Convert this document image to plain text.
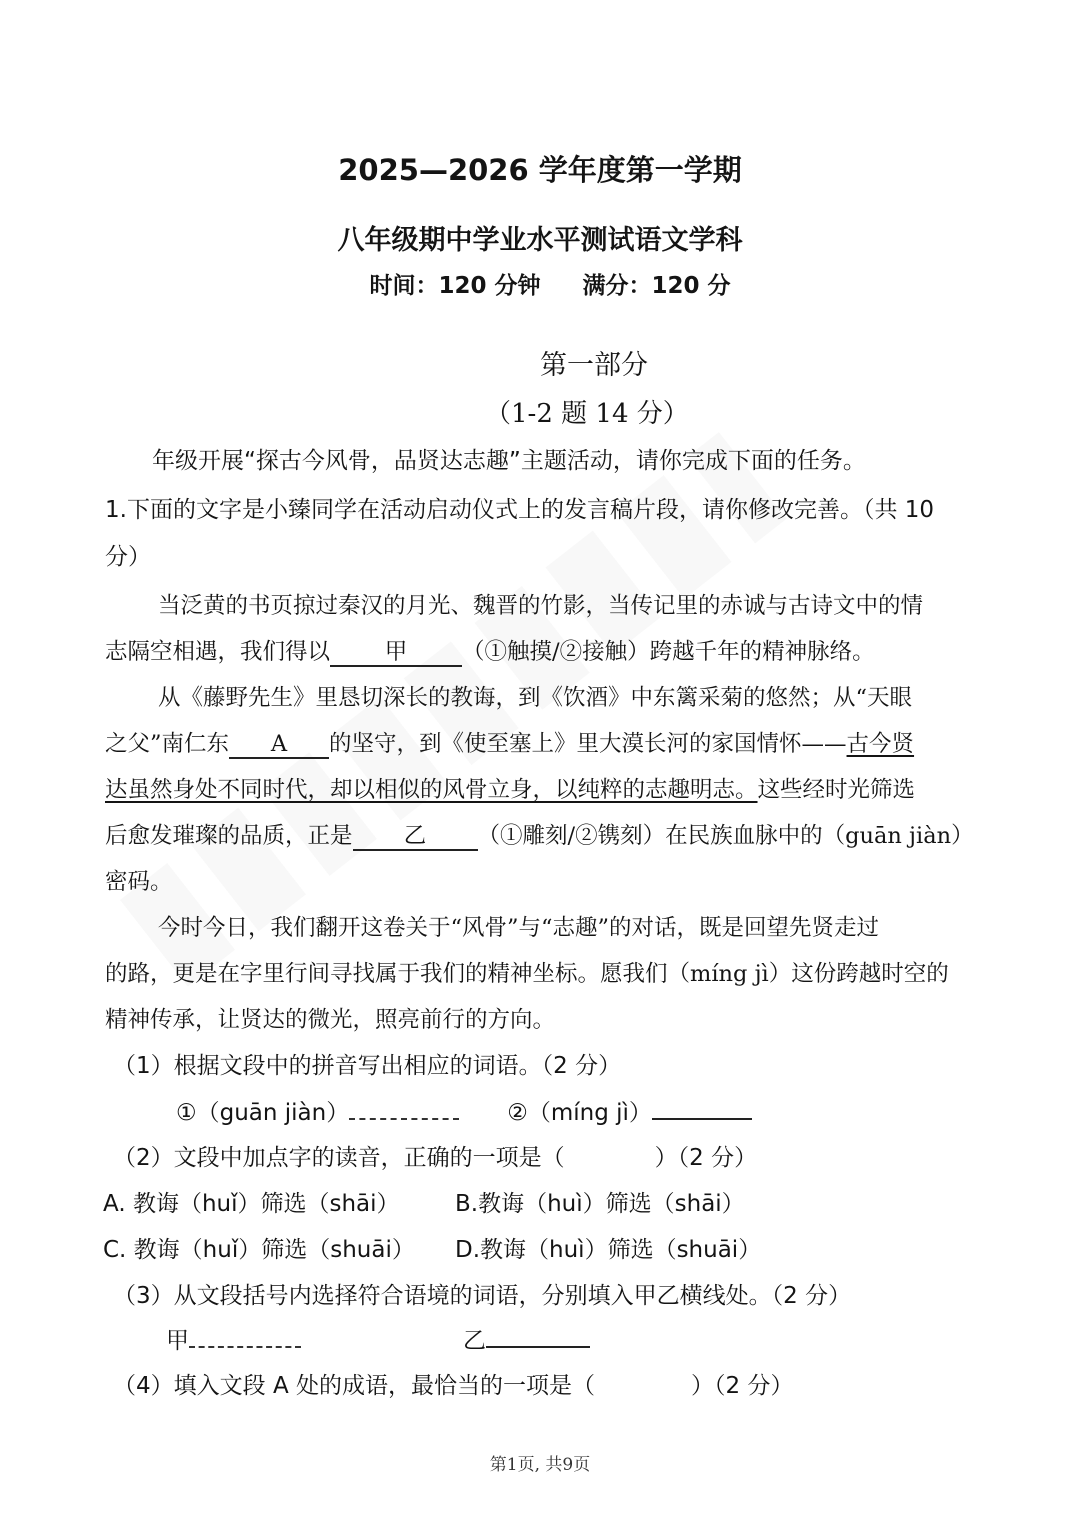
2025—2026 学年度第一学期
八年级期中学业水平测试语文学科
时间：120 分钟 满分：120 分
第一部分
（1-2 题 14 分）
年级开展“探古今风骨，品贤达志趣”主题活动，请你完成下面的任务。
1.下面的文字是小臻同学在活动启动仪式上的发言稿片段，请你修改完善。（共 10
分）
当泛黄的书页掠过秦汉的月光、魏晋的竹影，当传记里的赤诚与古诗文中的情
志隔空相遇，我们得以 甲 （①触摸/②接触）跨越千年的精神脉络。
从《藤野先生》里恳切深长的教诲，到《饮酒》中东篱采菊的悠然；从“天眼
之父”南仁东 A 的坚守，到《使至塞上》里大漠长河的家国情怀——古今贤
达虽然身处不同时代，却以相似的风骨立身，以纯粹的志趣明志。这些经时光筛选
后愈发璀璨的品质，正是 乙 （①雕刻/②镌刻）在民族血脉中的（guān jiàn）
密码。
今时今日，我们翻开这卷关于“风骨”与“志趣”的对话，既是回望先贤走过
的路，更是在字里行间寻找属于我们的精神坐标。愿我们（míng jì）这份跨越时空的
精神传承，让贤达的微光，照亮前行的方向。
（1）根据文段中的拼音写出相应的词语。（2 分）
①（guān jiàn）	②（míng jì）
（2）文段中加点字的读音，正确的一项是（	）（2 分）
A. 教诲（huǐ）筛选（shāi） B.教诲（huì）筛选（shāi）
C. 教诲（huǐ）筛选（shuāi） D.教诲（huì）筛选（shuāi）
（3）从文段括号内选择符合语境的词语，分别填入甲乙横线处。（2 分）
甲	乙
（4）填入文段 A 处的成语，最恰当的一项是（	）（2 分）
第1页, 共9页
